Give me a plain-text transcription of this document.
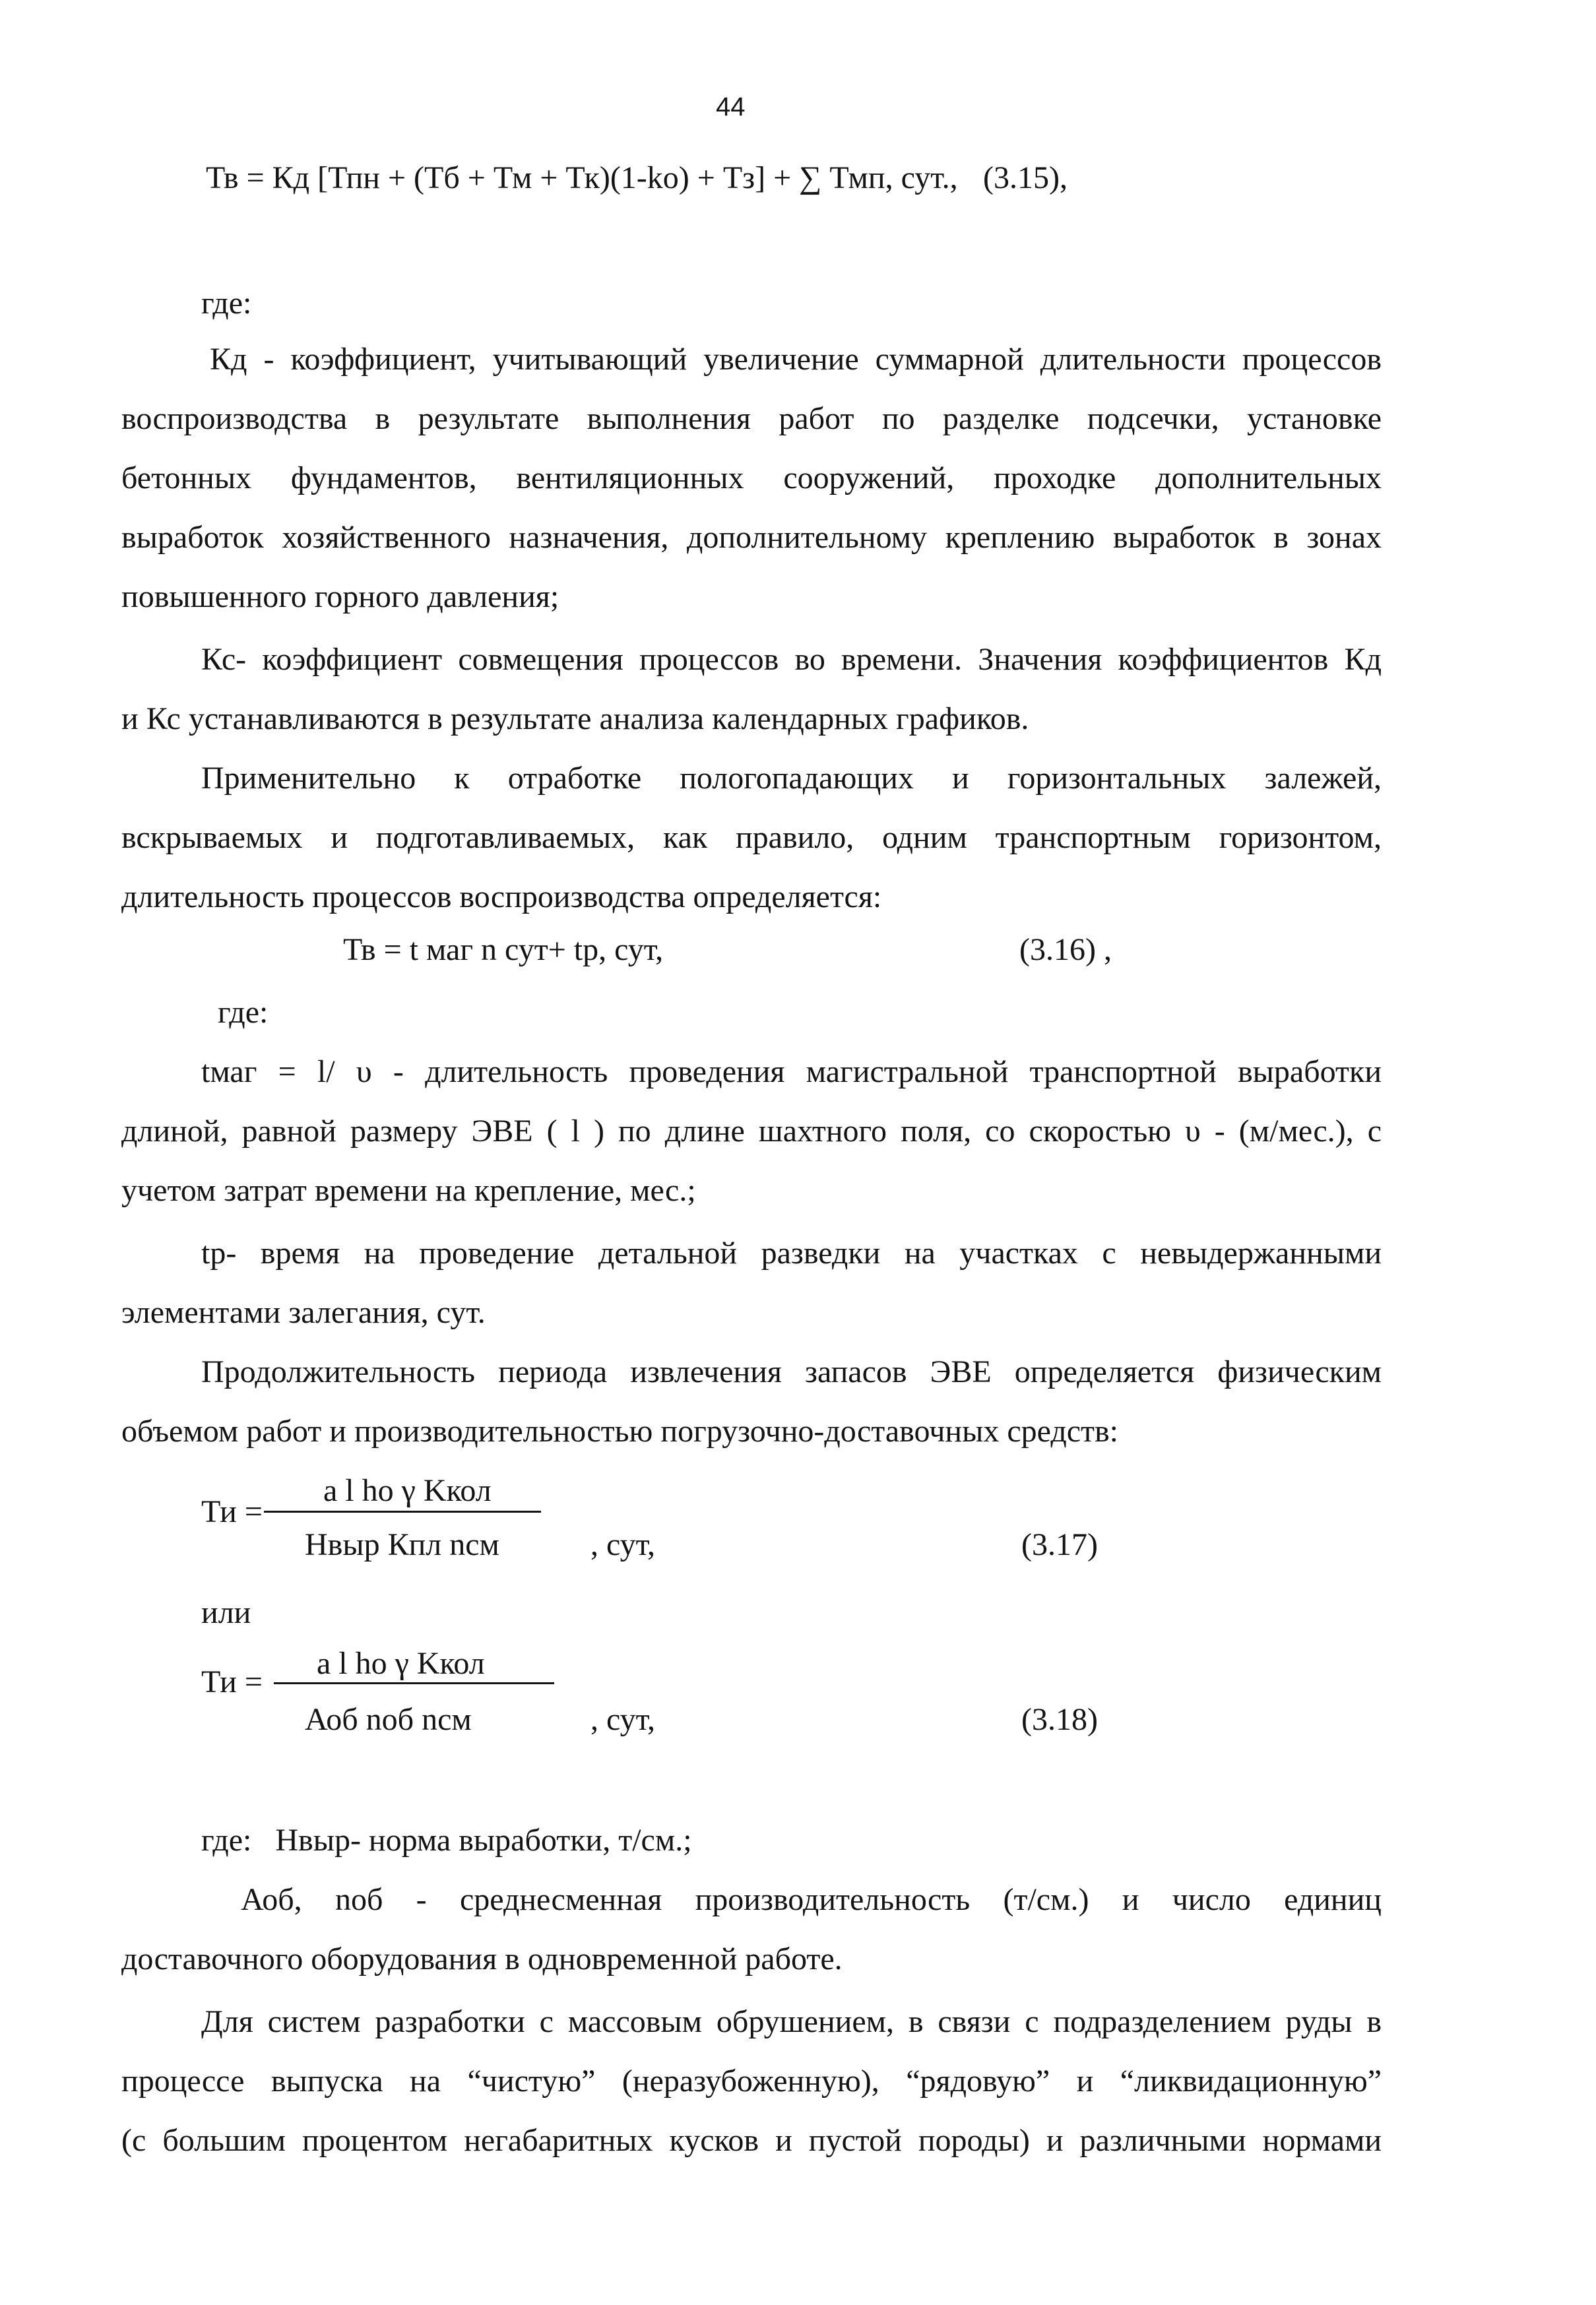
44
Тв = Кд [Тпн + (Тб + Тм + Тк)(1-kо) + Тз] + ∑ Тмп, сут., (3.15),
где:
Кд - коэффициент, учитывающий увеличение суммарной длительности процессов
воспроизводства в результате выполнения работ по разделке подсечки, установке
бетонных фундаментов, вентиляционных сооружений, проходке дополнительных
выработок хозяйственного назначения, дополнительному креплению выработок в зонах
повышенного горного давления;
Кс- коэффициент совмещения процессов во времени. Значения коэффициентов Кд
и Кс устанавливаются в результате анализа календарных графиков.
Применительно к отработке пологопадающих и горизонтальных залежей,
вскрываемых и подготавливаемых, как правило, одним транспортным горизонтом,
длительность процессов воспроизводства определяется:
Тв = t маг n сут+ tр, сут,	(3.16) ,
где:
tмаг = l/ υ - длительность проведения магистральной транспортной выработки
длиной, равной размеру ЭВЕ ( l ) по длине шахтного поля, со скоростью υ - (м/мес.), с
учетом затрат времени на крепление, мес.;
tр- время на проведение детальной разведки на участках с невыдержанными
элементами залегания, сут.
Продолжительность периода извлечения запасов ЭВЕ определяется физическим
объемом работ и производительностью погрузочно-доставочных средств:
Ти =
a l ho γ Kкол
Нвыр Кпл nсм	, сут,	(3.17)
или
Ти =
a l ho γ Kкол
Аоб nоб nсм	, сут,	(3.18)
где:   Нвыр- норма выработки, т/см.;
Аоб, nоб - среднесменная производительность (т/см.) и число единиц
доставочного оборудования в одновременной работе.
Для систем разработки с массовым обрушением, в связи с подразделением руды в
процессе выпуска на “чистую” (неразубоженную), “рядовую” и “ликвидационную”
(с большим процентом негабаритных кусков и пустой породы) и различными нормами
